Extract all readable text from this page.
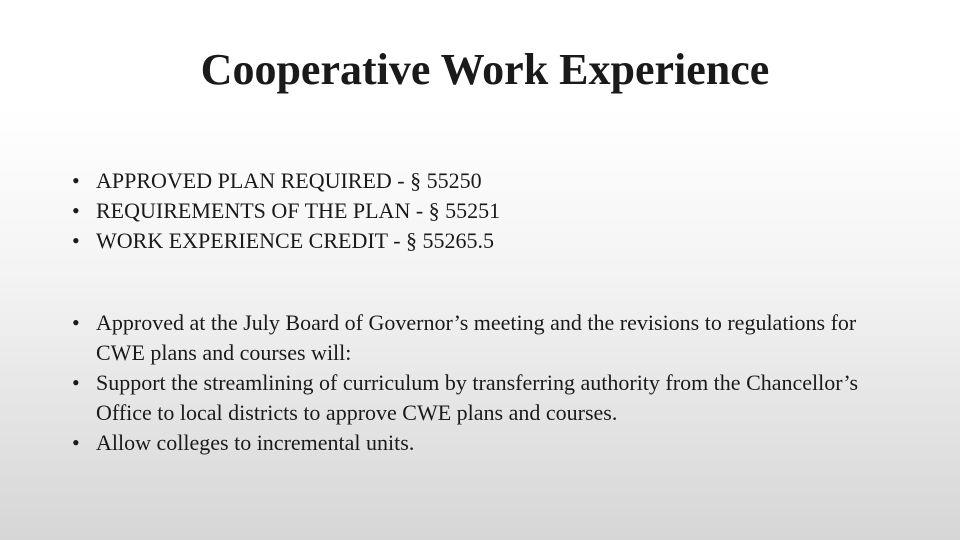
Cooperative Work Experience
• APPROVED PLAN REQUIRED - § 55250
• REQUIREMENTS OF THE PLAN - § 55251
• WORK EXPERIENCE CREDIT - § 55265.5
• Approved at the July Board of Governor’s meeting and the revisions to regulations for CWE plans and courses will:
• Support the streamlining of curriculum by transferring authority from the Chancellor’s Office to local districts to approve CWE plans and courses.
• Allow colleges to incremental units.
